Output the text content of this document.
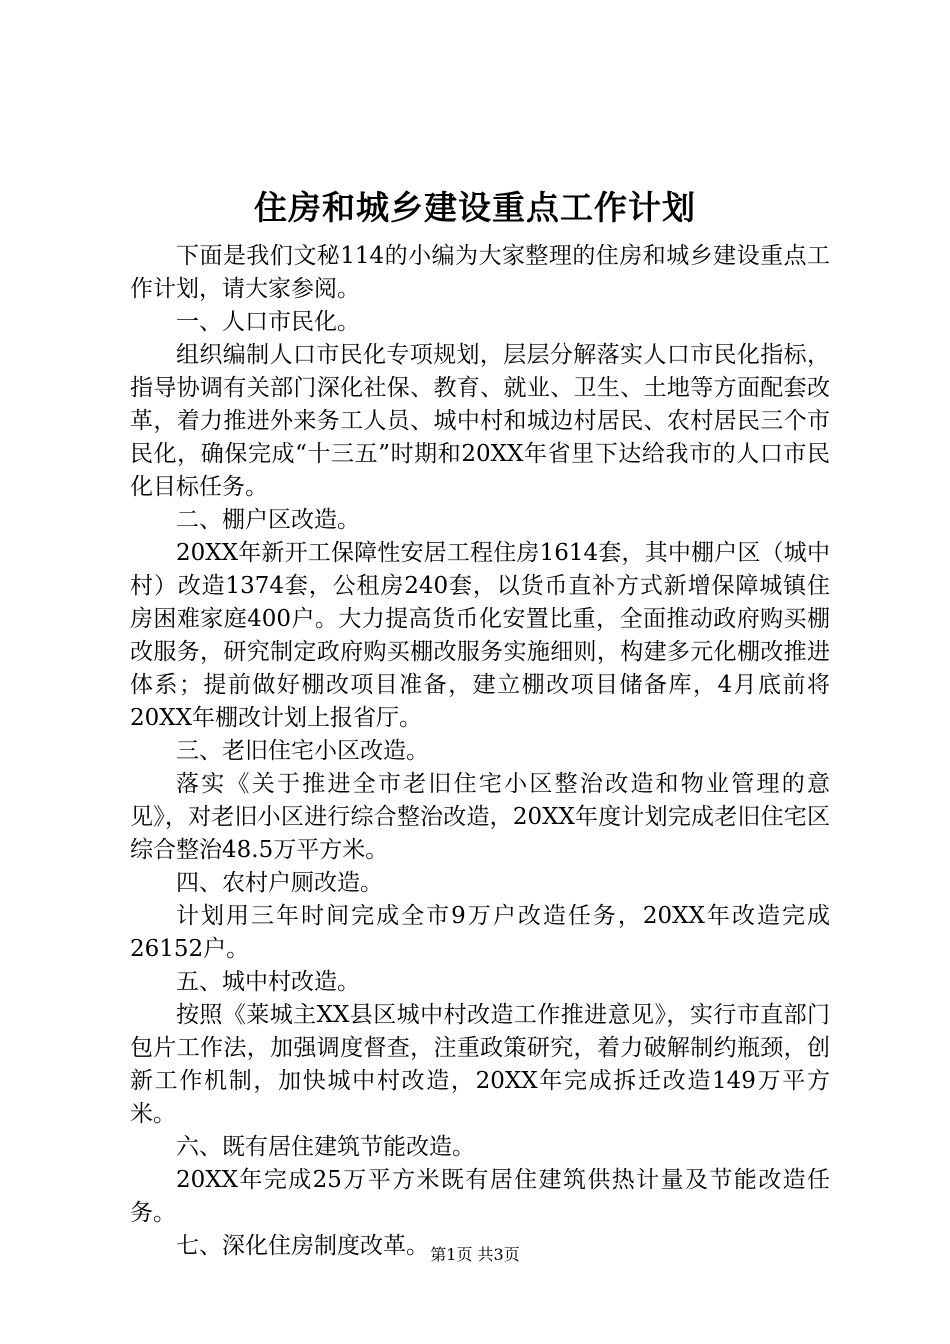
住房和城乡建设重点工作计划

下面是我们文秘114的小编为大家整理的住房和城乡建设重点工作计划，请大家参阅。

一、人口市民化。

组织编制人口市民化专项规划，层层分解落实人口市民化指标，指导协调有关部门深化社保、教育、就业、卫生、土地等方面配套改革，着力推进外来务工人员、城中村和城边村居民、农村居民三个市民化，确保完成“十三五”时期和20XX年省里下达给我市的人口市民化目标任务。

二、棚户区改造。

20XX年新开工保障性安居工程住房1614套，其中棚户区（城中村）改造1374套，公租房240套，以货币直补方式新增保障城镇住房困难家庭400户。大力提高货币化安置比重，全面推动政府购买棚改服务，研究制定政府购买棚改服务实施细则，构建多元化棚改推进体系；提前做好棚改项目准备，建立棚改项目储备库，4月底前将20XX年棚改计划上报省厅。

三、老旧住宅小区改造。

落实《关于推进全市老旧住宅小区整治改造和物业管理的意见》，对老旧小区进行综合整治改造，20XX年度计划完成老旧住宅区综合整治48.5万平方米。

四、农村户厕改造。

计划用三年时间完成全市9万户改造任务，20XX年改造完成26152户。

五、城中村改造。

按照《莱城主XX县区城中村改造工作推进意见》，实行市直部门包片工作法，加强调度督查，注重政策研究，着力破解制约瓶颈，创新工作机制，加快城中村改造，20XX年完成拆迁改造149万平方米。

六、既有居住建筑节能改造。

20XX年完成25万平方米既有居住建筑供热计量及节能改造任务。

七、深化住房制度改革。 第1页 共3页
